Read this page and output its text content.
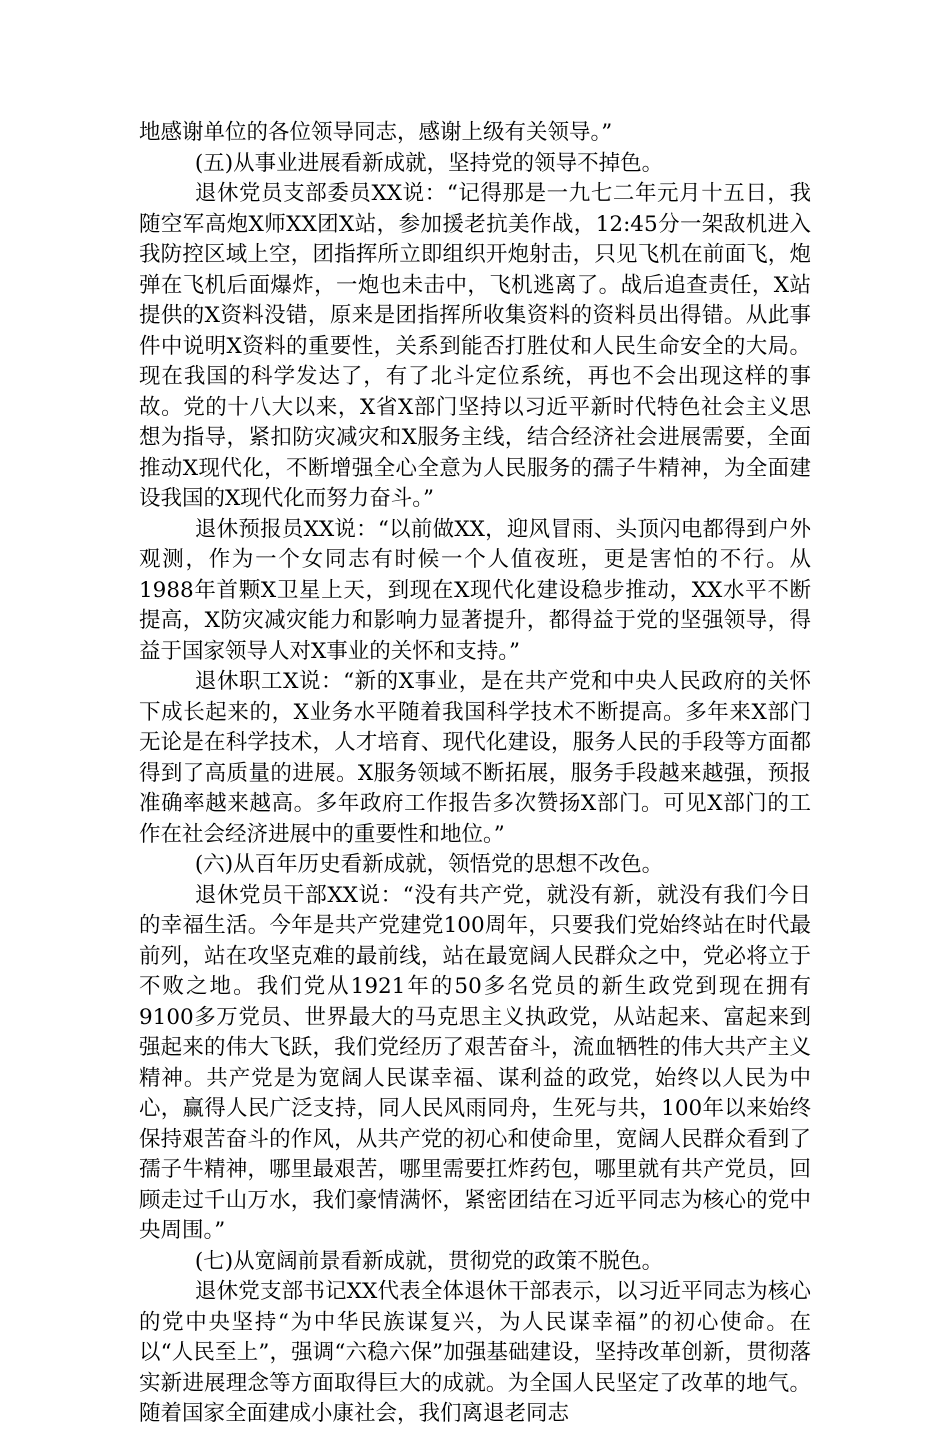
地感谢单位的各位领导同志，感谢上级有关领导。”

(五)从事业进展看新成就，坚持党的领导不掉色。

退休党员支部委员XX说：“记得那是一九七二年元月十五日，我随空军高炮X师XX团X站，参加援老抗美作战，12:45分一架敌机进入我防控区域上空，团指挥所立即组织开炮射击，只见飞机在前面飞，炮弹在飞机后面爆炸，一炮也未击中，飞机逃离了。战后追查责任，X站提供的X资料没错，原来是团指挥所收集资料的资料员出得错。从此事件中说明X资料的重要性，关系到能否打胜仗和人民生命安全的大局。现在我国的科学发达了，有了北斗定位系统，再也不会出现这样的事故。党的十八大以来，X省X部门坚持以习近平新时代特色社会主义思想为指导，紧扣防灾减灾和X服务主线，结合经济社会进展需要，全面推动X现代化，不断增强全心全意为人民服务的孺子牛精神，为全面建设我国的X现代化而努力奋斗。”

退休预报员XX说：“以前做XX，迎风冒雨、头顶闪电都得到户外观测，作为一个女同志有时候一个人值夜班，更是害怕的不行。从1988年首颗X卫星上天，到现在X现代化建设稳步推动，XX水平不断提高，X防灾减灾能力和影响力显著提升，都得益于党的坚强领导，得益于国家领导人对X事业的关怀和支持。”

退休职工X说：“新的X事业，是在共产党和中央人民政府的关怀下成长起来的，X业务水平随着我国科学技术不断提高。多年来X部门无论是在科学技术，人才培育、现代化建设，服务人民的手段等方面都得到了高质量的进展。X服务领域不断拓展，服务手段越来越强，预报准确率越来越高。多年政府工作报告多次赞扬X部门。可见X部门的工作在社会经济进展中的重要性和地位。”

(六)从百年历史看新成就，领悟党的思想不改色。

退休党员干部XX说：“没有共产党，就没有新，就没有我们今日的幸福生活。今年是共产党建党100周年，只要我们党始终站在时代最前列，站在攻坚克难的最前线，站在最宽阔人民群众之中，党必将立于不败之地。我们党从1921年的50多名党员的新生政党到现在拥有9100多万党员、世界最大的马克思主义执政党，从站起来、富起来到强起来的伟大飞跃，我们党经历了艰苦奋斗，流血牺牲的伟大共产主义精神。共产党是为宽阔人民谋幸福、谋利益的政党，始终以人民为中心，赢得人民广泛支持，同人民风雨同舟，生死与共，100年以来始终保持艰苦奋斗的作风，从共产党的初心和使命里，宽阔人民群众看到了孺子牛精神，哪里最艰苦，哪里需要扛炸药包，哪里就有共产党员，回顾走过千山万水，我们豪情满怀，紧密团结在习近平同志为核心的党中央周围。”

(七)从宽阔前景看新成就，贯彻党的政策不脱色。

退休党支部书记XX代表全体退休干部表示，以习近平同志为核心的党中央坚持“为中华民族谋复兴，为人民谋幸福”的初心使命。在以“人民至上”，强调“六稳六保”加强基础建设，坚持改革创新，贯彻落实新进展理念等方面取得巨大的成就。为全国人民坚定了改革的地气。随着国家全面建成小康社会，我们离退老同志
